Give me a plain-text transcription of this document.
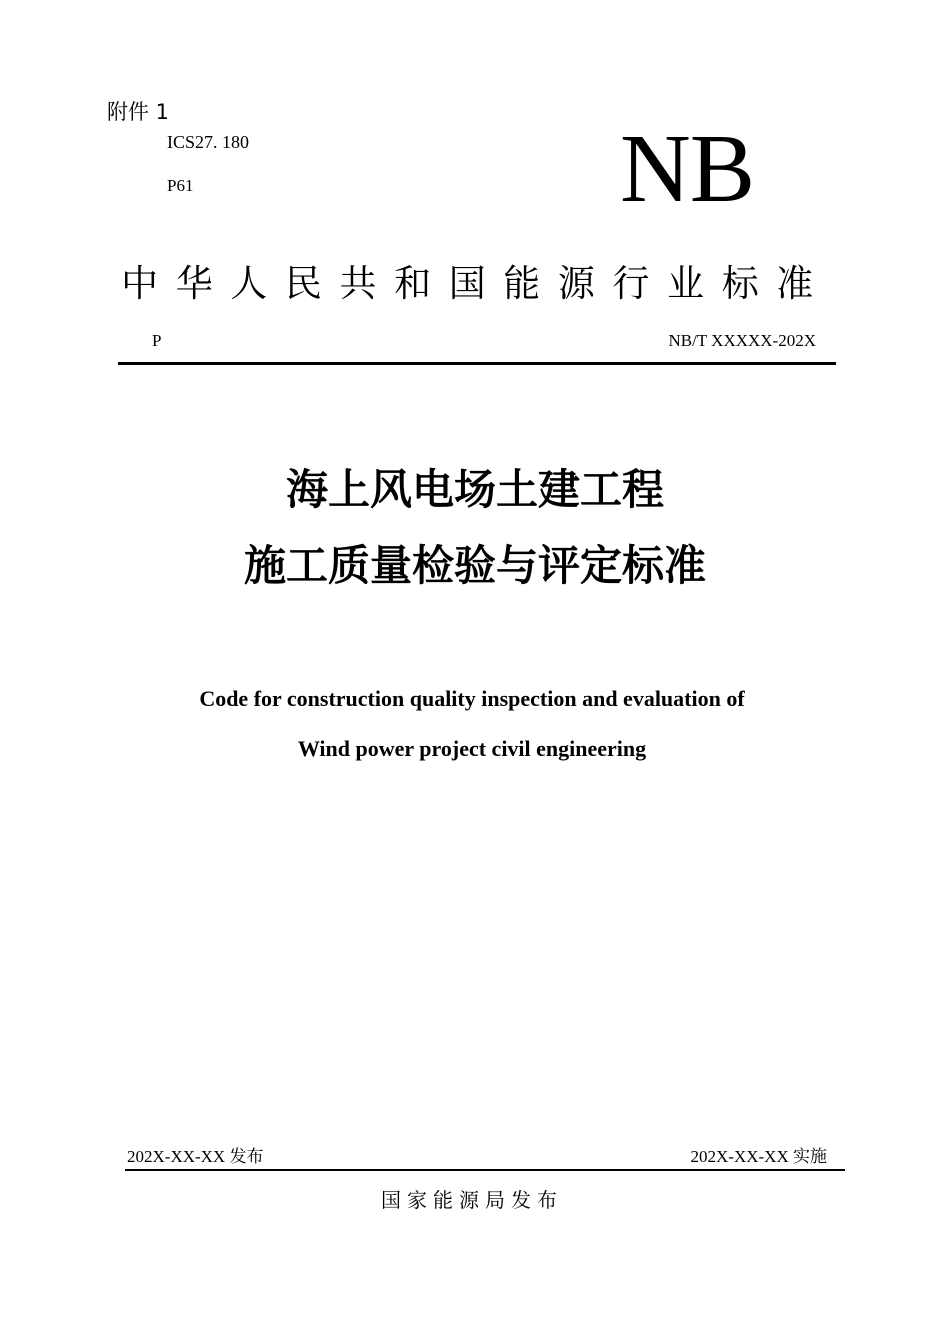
附件 1
ICS27. 180
P61	NB
中华人民共和国能源行业标准
P	NB/T XXXXX-202X
海上风电场土建工程
施工质量检验与评定标准
Code for construction quality inspection and evaluation of
Wind power project civil engineering
202X-XX-XX 发布	202X-XX-XX 实施
国家能源局发布
